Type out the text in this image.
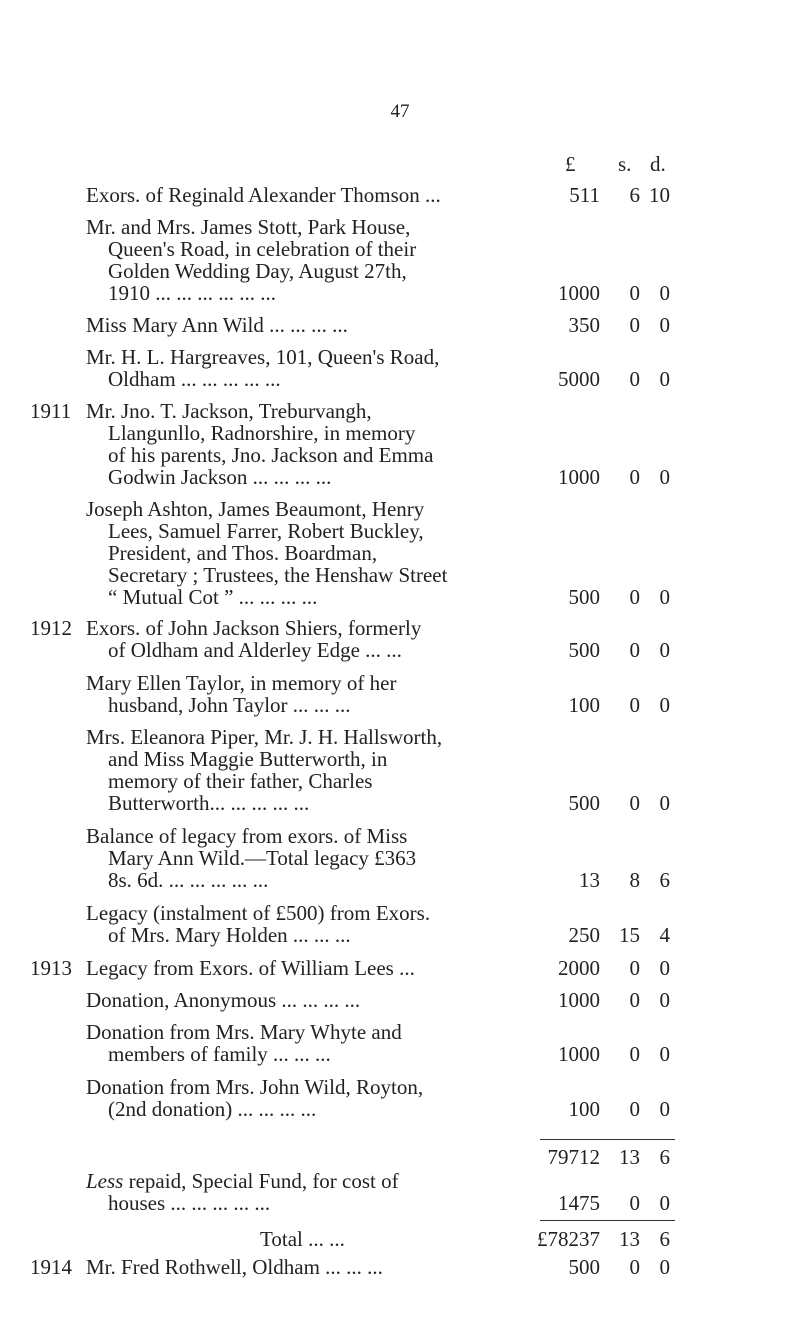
47
£ s. d.
Exors. of Reginald Alexander Thomson ...	511	6 10
Mr. and Mrs. James Stott, Park House,
Queen's Road, in celebration of their
Golden Wedding Day, August 27th,
1910 ... ... ... ... ... ...	1000	0 0
Miss Mary Ann Wild ... ... ... ...	350	0 0
Mr. H. L. Hargreaves, 101, Queen's Road,
Oldham ... ... ... ... ...	5000	0 0
1911 Mr. Jno. T. Jackson, Treburvangh,
Llangunllo, Radnorshire, in memory
of his parents, Jno. Jackson and Emma
Godwin Jackson ... ... ... ...	1000	0 0
Joseph Ashton, James Beaumont, Henry
Lees, Samuel Farrer, Robert Buckley,
President, and Thos. Boardman,
Secretary ; Trustees, the Henshaw Street
“ Mutual Cot ” ... ... ... ...	500	0 0
1912 Exors. of John Jackson Shiers, formerly
of Oldham and Alderley Edge ... ...	500	0 0
Mary Ellen Taylor, in memory of her
husband, John Taylor ... ... ...	100	0 0
Mrs. Eleanora Piper, Mr. J. H. Hallsworth,
and Miss Maggie Butterworth, in
memory of their father, Charles
Butterworth... ... ... ... ...	500	0 0
Balance of legacy from exors. of Miss
Mary Ann Wild.—Total legacy £363
8s. 6d. ... ... ... ... ...	13	8 6
Legacy (instalment of £500) from Exors.
of Mrs. Mary Holden ... ... ...	250 15 4
1913 Legacy from Exors. of William Lees ...	2000	0 0
Donation, Anonymous ... ... ... ...	1000	0 0
Donation from Mrs. Mary Whyte and
members of family ... ... ...	1000	0 0
Donation from Mrs. John Wild, Royton,
(2nd donation) ... ... ... ...	100	0 0
79712 13 6
Less repaid, Special Fund, for cost of
houses ... ... ... ... ...	1475	0 0
Total ... ...	£78237 13 6
1914 Mr. Fred Rothwell, Oldham ... ... ...	500	0 0
